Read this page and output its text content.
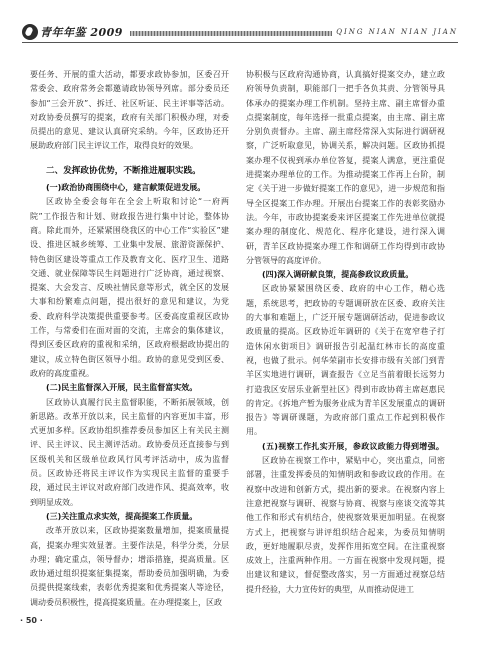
青年年鉴 2009	QING NIAN NIAN JIAN

要任务、开展的重大活动，都要求政协参加，区委召开常委会、政府常务会都邀请政协领导列席。部分委员还参加“三会开放”、拆迁、社区听证、民主评事等活动。对政协委员撰写的提案，政府有关部门积极办理，对委员提出的意见、建议认真研究采纳。今年，区政协还开展助政府部门民主评议工作，取得良好的效果。

二、发挥政协优势，不断推进履职实践。

(一)政治协商围绕中心，建言献策促进发展。

区政协全委会每年在全会上听取和讨论“一府两院”工作报告和计划、财政报告进行集中讨论，整体协商。除此而外，还紧紧围绕我区的中心工作“实验区”建设、推进区城乡统筹、工业集中发展、旅游资源保护、特色街区建设等重点工作及教育文化、医疗卫生、道路交通、就业保障等民生问题进行广泛协商，通过视察、提案、大会发言、反映社情民意等形式，就全区的发展大事和纷繁难点问题，提出很好的意见和建议，为党委、政府科学决策提供重要参考。区委高度重视区政协工作，与常委们在面对面的交流，主席会的集体建议，得到区委区政府的重视和采纳，区政府根据政协提出的建议，成立特色街区领导小组。政协的意见受到区委、政府的高度重视。

(二)民主监督深入开展，民主监督富实效。

区政协认真履行民主监督职能，不断拓展领域，创新思路。改革开放以来，民主监督的内容更加丰富，形式更加多样。区政协组织推荐委员参加区上有关民主测评、民主评议、民主测评活动。政协委员还直接参与到区级机关和区级单位政风行风考评活动中，成为监督员。区政协还将民主评议作为实现民主监督的重要手段，通过民主评议对政府部门改进作风、提高效率，收到明显成效。

(三)关注重点求实效，提高提案工作质量。

改革开放以来，区政协提案数量增加，提案质量提高，提案办理实效显著。主要作法是，科学分类，分层办理；确定重点，领导督办；增添措施，提高质量。区政协通过组织提案征集提案，帮助委员加强明确，为委员提供提案线索，表彰优秀提案和优秀提案人等途径，调动委员积极性，提高提案质量。在办理提案上，区政

协积极与区政府沟通协商，认真搞好提案交办，建立政府领导负责制，职能部门一把手各负其责、分管领导具体承办的提案办理工作机制。坚持主席、副主席督办重点提案制度，每年选择一批重点提案，由主席、副主席分别负责督办。主席、副主席经常深入实际进行调研视察，广泛听取意见，协调关系，解决问题。区政协抓提案办理不仅视到承办单位答复，提案人满意，更注重促进提案办理单位的工作。为推动提案工作再上台阶，制定《关于进一步做好提案工作的意见》，进一步规范和指导全区提案工作办理。开展出台提案工作的表彰奖励办法。今年，市政协提案委来评区提案工作先进单位就提案办理的制度化、规范化、程序化建设，进行深入调研，青羊区政协提案办理工作和调研工作均得到市政协分管领导的高度评价。

(四)深入调研献良策，提高参政议政质量。

区政协紧紧围绕区委、政府的中心工作，精心选题，系统思考，把政协的专题调研放在区委、政府关注的大事和难题上，广泛开展专题调研活动，促进参政议政质量的提高。区政协近年调研的《关于在宽窄巷子打造休闲水街项目》调研报告引起温红林市长的高度重视，也做了批示。何华荣副市长安排市级有关部门到青羊区实地进行调研，调查报告《立足当前着眼长远努力打造我区安居乐业新型社区》得到市政协蒋主席赵惠民的肯定。《拆地产暂为服务业成为青羊区发展重点的调研报告》等调研课题，为政府部门重点工作起到积极作用。

(五)视察工作扎实开展，参政议政能力得到增强。

区政协在视察工作中，紧贴中心，突出重点，同密部署，注重发挥委员的知情明政和参政议政的作用。在视察中改进和创新方式，提出新的要求。在视察内容上注意把视察与调研、视察与协商、视察与座谈交流等其他工作和形式有机结合，使视察效果更加明显。在视察方式上，把视察与讲评组织结合起来，为委员知情明政，更好地履职尽责，发挥作用拓宽空间。在注重视察成效上，注重两种作用。一方面在视察中发现问题，提出建议和建议，督促整改落实，另一方面通过视察总结提升经验，大力宣传好的典型，从而推动促进工

· 50 ·
